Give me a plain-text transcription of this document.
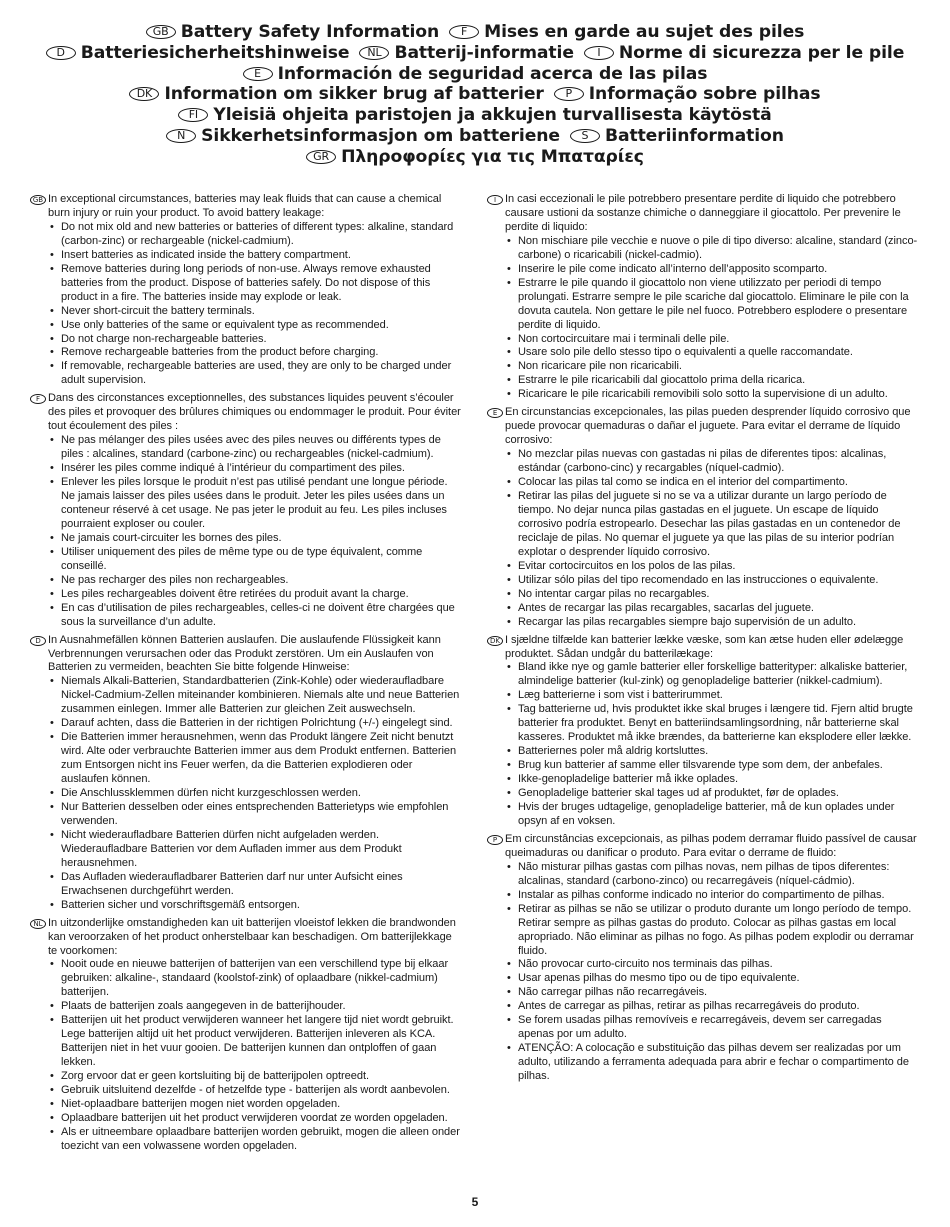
GB Battery Safety Information F Mises en garde au sujet des piles
D Batteriesicherheitshinweise NL Batterij-informatie I Norme di sicurezza per le pile
E Información de seguridad acerca de las pilas
DK Information om sikker brug af batterier P Informação sobre pilhas
FI Yleisiä ohjeita paristojen ja akkujen turvallisesta käytöstä
N Sikkerhetsinformasjon om batteriene S Batteriinformation
GR Πληροφορίες για τις Μπαταρίες
GB In exceptional circumstances, batteries may leak fluids that can cause a chemical burn injury or ruin your product. To avoid battery leakage:

• Do not mix old and new batteries or batteries of different types: alkaline, standard (carbon-zinc) or rechargeable (nickel-cadmium).
• Insert batteries as indicated inside the battery compartment.
• Remove batteries during long periods of non-use. Always remove exhausted batteries from the product. Dispose of batteries safely. Do not dispose of this product in a fire. The batteries inside may explode or leak.
• Never short-circuit the battery terminals.
• Use only batteries of the same or equivalent type as recommended.
• Do not charge non-rechargeable batteries.
• Remove rechargeable batteries from the product before charging.
• If removable, rechargeable batteries are used, they are only to be charged under adult supervision.
F Dans des circonstances exceptionnelles, des substances liquides peuvent s’écouler des piles et provoquer des brûlures chimiques ou endommager le produit. Pour éviter tout écoulement des piles :

• Ne pas mélanger des piles usées avec des piles neuves ou différents types de piles : alcalines, standard (carbone-zinc) ou rechargeables (nickel-cadmium).
• Insérer les piles comme indiqué à l’intérieur du compartiment des piles.
• Enlever les piles lorsque le produit n’est pas utilisé pendant une longue période. Ne jamais laisser des piles usées dans le produit. Jeter les piles usées dans un conteneur réservé à cet usage. Ne pas jeter le produit au feu. Les piles incluses pourraient exploser ou couler.
• Ne jamais court-circuiter les bornes des piles.
• Utiliser uniquement des piles de même type ou de type équivalent, comme conseillé.
• Ne pas recharger des piles non rechargeables.
• Les piles rechargeables doivent être retirées du produit avant la charge.
• En cas d’utilisation de piles rechargeables, celles-ci ne doivent être chargées que sous la surveillance d’un adulte.
D In Ausnahmefällen können Batterien auslaufen. Die auslaufende Flüssigkeit kann Verbrennungen verursachen oder das Produkt zerstören. Um ein Auslaufen von Batterien zu vermeiden, beachten Sie bitte folgende Hinweise:

• Niemals Alkali-Batterien, Standardbatterien (Zink-Kohle) oder wiederaufladbare Nickel-Cadmium-Zellen miteinander kombinieren. Niemals alte und neue Batterien zusammen einlegen. Immer alle Batterien zur gleichen Zeit auswechseln.
• Darauf achten, dass die Batterien in der richtigen Polrichtung (+/-) eingelegt sind.
• Die Batterien immer herausnehmen, wenn das Produkt längere Zeit nicht benutzt wird. Alte oder verbrauchte Batterien immer aus dem Produkt entfernen. Batterien zum Entsorgen nicht ins Feuer werfen, da die Batterien explodieren oder auslaufen können.
• Die Anschlussklemmen dürfen nicht kurzgeschlossen werden.
• Nur Batterien desselben oder eines entsprechenden Batterietyps wie empfohlen verwenden.
• Nicht wiederaufladbare Batterien dürfen nicht aufgeladen werden. Wiederaufladbare Batterien vor dem Aufladen immer aus dem Produkt herausnehmen.
• Das Aufladen wiederaufladbarer Batterien darf nur unter Aufsicht eines Erwachsenen durchgeführt werden.
• Batterien sicher und vorschriftsgemäß entsorgen.
NL In uitzonderlijke omstandigheden kan uit batterijen vloeistof lekken die brandwonden kan veroorzaken of het product onherstelbaar kan beschadigen. Om batterijlekkage te voorkomen:

• Nooit oude en nieuwe batterijen of batterijen van een verschillend type bij elkaar gebruiken: alkaline-, standaard (koolstof-zink) of oplaadbare (nikkel-cadmium) batterijen.
• Plaats de batterijen zoals aangegeven in de batterijhouder.
• Batterijen uit het product verwijderen wanneer het langere tijd niet wordt gebruikt. Lege batterijen altijd uit het product verwijderen. Batterijen inleveren als KCA. Batterijen niet in het vuur gooien. De batterijen kunnen dan ontploffen of gaan lekken.
• Zorg ervoor dat er geen kortsluiting bij de batterijpolen optreedt.
• Gebruik uitsluitend dezelfde - of hetzelfde type - batterijen als wordt aanbevolen.
• Niet-oplaadbare batterijen mogen niet worden opgeladen.
• Oplaadbare batterijen uit het product verwijderen voordat ze worden opgeladen.
• Als er uitneembare oplaadbare batterijen worden gebruikt, mogen die alleen onder toezicht van een volwassene worden opgeladen.
I In casi eccezionali le pile potrebbero presentare perdite di liquido che potrebbero causare ustioni da sostanze chimiche o danneggiare il giocattolo. Per prevenire le perdite di liquido:

• Non mischiare pile vecchie e nuove o pile di tipo diverso: alcaline, standard (zinco-carbone) o ricaricabili (nickel-cadmio).
• Inserire le pile come indicato all’interno dell’apposito scomparto.
• Estrarre le pile quando il giocattolo non viene utilizzato per periodi di tempo prolungati. Estrarre sempre le pile scariche dal giocattolo. Eliminare le pile con la dovuta cautela. Non gettare le pile nel fuoco. Potrebbero esplodere o presentare perdite di liquido.
• Non cortocircuitare mai i terminali delle pile.
• Usare solo pile dello stesso tipo o equivalenti a quelle raccomandate.
• Non ricaricare pile non ricaricabili.
• Estrarre le pile ricaricabili dal giocattolo prima della ricarica.
• Ricaricare le pile ricaricabili removibili solo sotto la supervisione di un adulto.
E En circunstancias excepcionales, las pilas pueden desprender líquido corrosivo que puede provocar quemaduras o dañar el juguete. Para evitar el derrame de líquido corrosivo:

• No mezclar pilas nuevas con gastadas ni pilas de diferentes tipos: alcalinas, estándar (carbono-cinc) y recargables (níquel-cadmio).
• Colocar las pilas tal como se indica en el interior del compartimento.
• Retirar las pilas del juguete si no se va a utilizar durante un largo período de tiempo. No dejar nunca pilas gastadas en el juguete. Un escape de líquido corrosivo podría estropearlo. Desechar las pilas gastadas en un contenedor de reciclaje de pilas. No quemar el juguete ya que las pilas de su interior podrían explotar o desprender líquido corrosivo.
• Evitar cortocircuitos en los polos de las pilas.
• Utilizar sólo pilas del tipo recomendado en las instrucciones o equivalente.
• No intentar cargar pilas no recargables.
• Antes de recargar las pilas recargables, sacarlas del juguete.
• Recargar las pilas recargables siempre bajo supervisión de un adulto.
DK I sjældne tilfælde kan batterier lække væske, som kan ætse huden eller ødelægge produktet. Sådan undgår du batterilækage:

• Bland ikke nye og gamle batterier eller forskellige batterityper: alkaliske batterier, almindelige batterier (kul-zink) og genopladelige batterier (nikkel-cadmium).
• Læg batterierne i som vist i batterirummet.
• Tag batterierne ud, hvis produktet ikke skal bruges i længere tid. Fjern altid brugte batterier fra produktet. Benyt en batteriindsamlingsordning, når batterierne skal kasseres. Produktet må ikke brændes, da batterierne kan eksplodere eller lække.
• Batteriernes poler må aldrig kortsluttes.
• Brug kun batterier af samme eller tilsvarende type som dem, der anbefales.
• Ikke-genopladelige batterier må ikke oplades.
• Genopladelige batterier skal tages ud af produktet, før de oplades.
• Hvis der bruges udtagelige, genopladelige batterier, må de kun oplades under opsyn af en voksen.
P Em circunstâncias excepcionais, as pilhas podem derramar fluido passível de causar queimaduras ou danificar o produto. Para evitar o derrame de fluido:

• Não misturar pilhas gastas com pilhas novas, nem pilhas de tipos diferentes: alcalinas, standard (carbono-zinco) ou recarregáveis (níquel-cádmio).
• Instalar as pilhas conforme indicado no interior do compartimento de pilhas.
• Retirar as pilhas se não se utilizar o produto durante um longo período de tempo. Retirar sempre as pilhas gastas do produto. Colocar as pilhas gastas em local apropriado. Não eliminar as pilhas no fogo. As pilhas podem explodir ou derramar fluido.
• Não provocar curto-circuito nos terminais das pilhas.
• Usar apenas pilhas do mesmo tipo ou de tipo equivalente.
• Não carregar pilhas não recarregáveis.
• Antes de carregar as pilhas, retirar as pilhas recarregáveis do produto.
• Se forem usadas pilhas removíveis e recarregáveis, devem ser carregadas apenas por um adulto.
• ATENÇÃO: A colocação e substituição das pilhas devem ser realizadas por um adulto, utilizando a ferramenta adequada para abrir e fechar o compartimento de pilhas.
5
